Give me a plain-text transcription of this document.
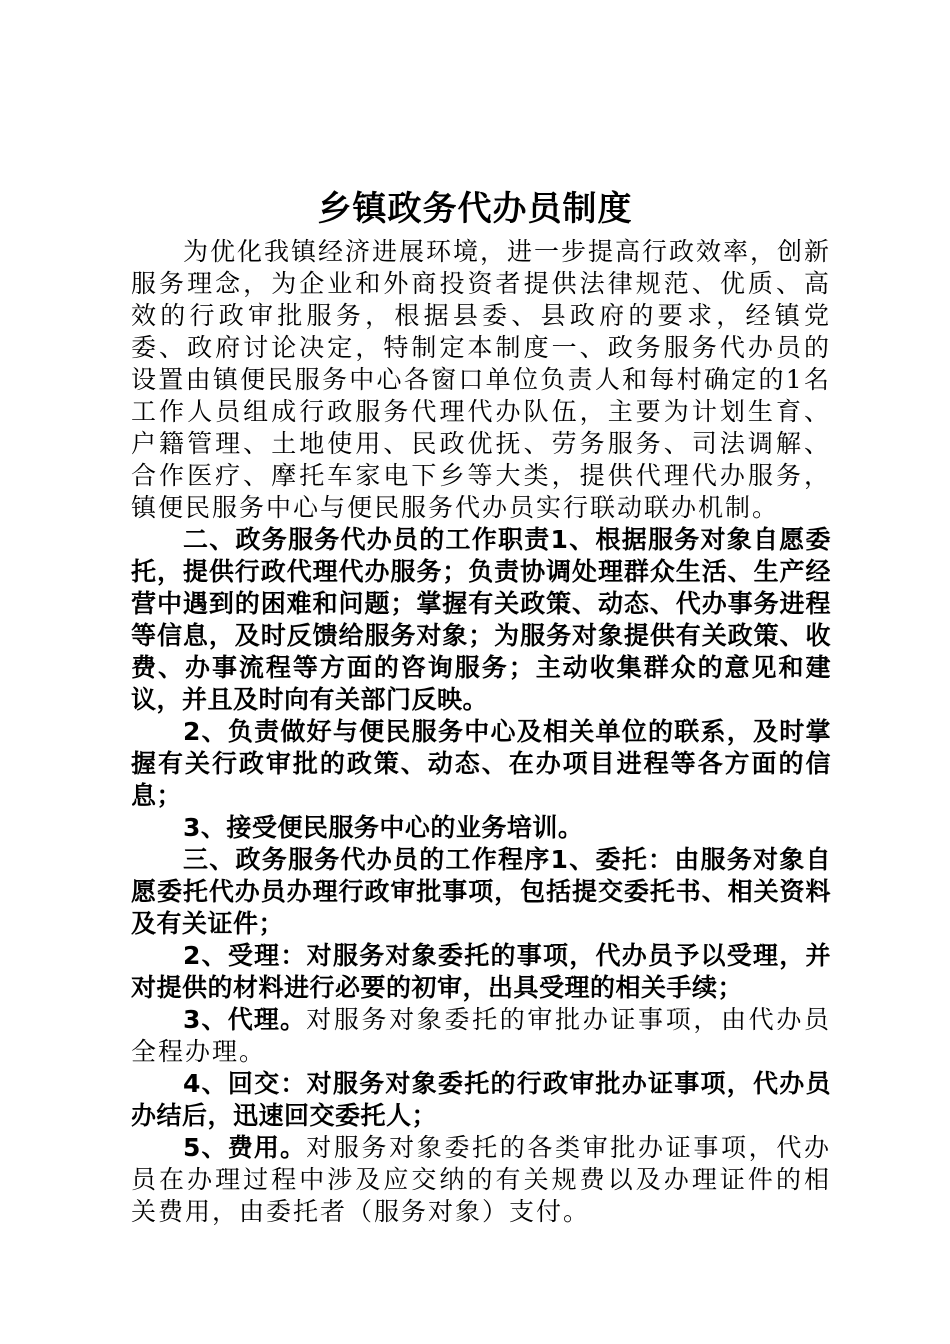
乡镇政务代办员制度

为优化我镇经济进展环境，进一步提高行政效率，创新服务理念，为企业和外商投资者提供法律规范、优质、高效的行政审批服务，根据县委、县政府的要求，经镇党委、政府讨论决定，特制定本制度一、政务服务代办员的设置由镇便民服务中心各窗口单位负责人和每村确定的1名工作人员组成行政服务代理代办队伍，主要为计划生育、户籍管理、土地使用、民政优抚、劳务服务、司法调解、合作医疗、摩托车家电下乡等大类，提供代理代办服务，镇便民服务中心与便民服务代办员实行联动联办机制。

二、政务服务代办员的工作职责1、根据服务对象自愿委托，提供行政代理代办服务；负责协调处理群众生活、生产经营中遇到的困难和问题；掌握有关政策、动态、代办事务进程等信息，及时反馈给服务对象；为服务对象提供有关政策、收费、办事流程等方面的咨询服务；主动收集群众的意见和建议，并且及时向有关部门反映。

2、负责做好与便民服务中心及相关单位的联系，及时掌握有关行政审批的政策、动态、在办项目进程等各方面的信息；

3、接受便民服务中心的业务培训。

三、政务服务代办员的工作程序1、委托：由服务对象自愿委托代办员办理行政审批事项，包括提交委托书、相关资料及有关证件；

2、受理：对服务对象委托的事项，代办员予以受理，并对提供的材料进行必要的初审，出具受理的相关手续；

3、代理。对服务对象委托的审批办证事项，由代办员全程办理。

4、回交：对服务对象委托的行政审批办证事项，代办员办结后，迅速回交委托人；

5、费用。对服务对象委托的各类审批办证事项，代办员在办理过程中涉及应交纳的有关规费以及办理证件的相关费用，由委托者（服务对象）支付。
